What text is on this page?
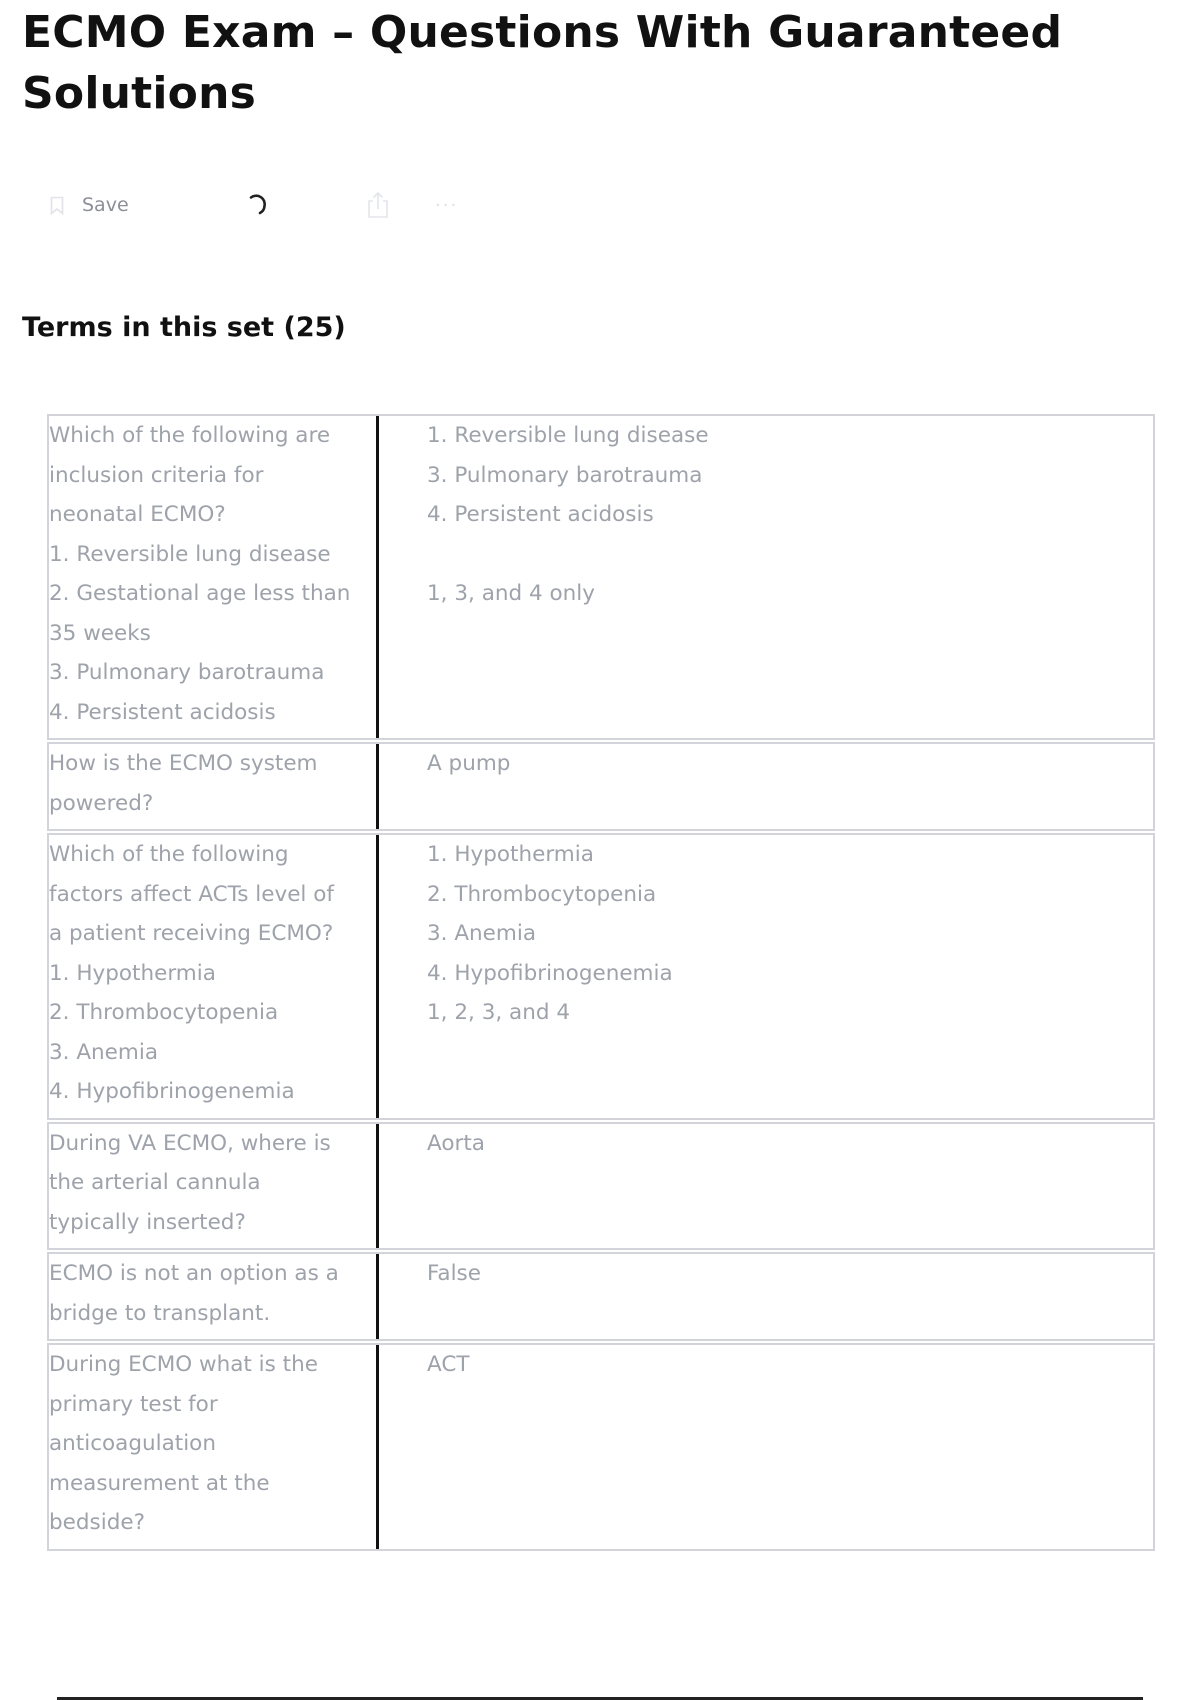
ECMO Exam – Questions With Guaranteed Solutions
Save	···
Terms in this set (25)
Which of the following are
inclusion criteria for
neonatal ECMO?
1. Reversible lung disease
2. Gestational age less than
35 weeks
3. Pulmonary barotrauma
4. Persistent acidosis
1. Reversible lung disease
3. Pulmonary barotrauma
4. Persistent acidosis
1, 3, and 4 only
How is the ECMO system
powered?
A pump
Which of the following
factors affect ACTs level of
a patient receiving ECMO?
1. Hypothermia
2. Thrombocytopenia
3. Anemia
4. Hypofibrinogenemia
1. Hypothermia
2. Thrombocytopenia
3. Anemia
4. Hypofibrinogenemia
1, 2, 3, and 4
During VA ECMO, where is
the arterial cannula
typically inserted?
Aorta
ECMO is not an option as a
bridge to transplant.
False
During ECMO what is the
primary test for
anticoagulation
measurement at the
bedside?
ACT
